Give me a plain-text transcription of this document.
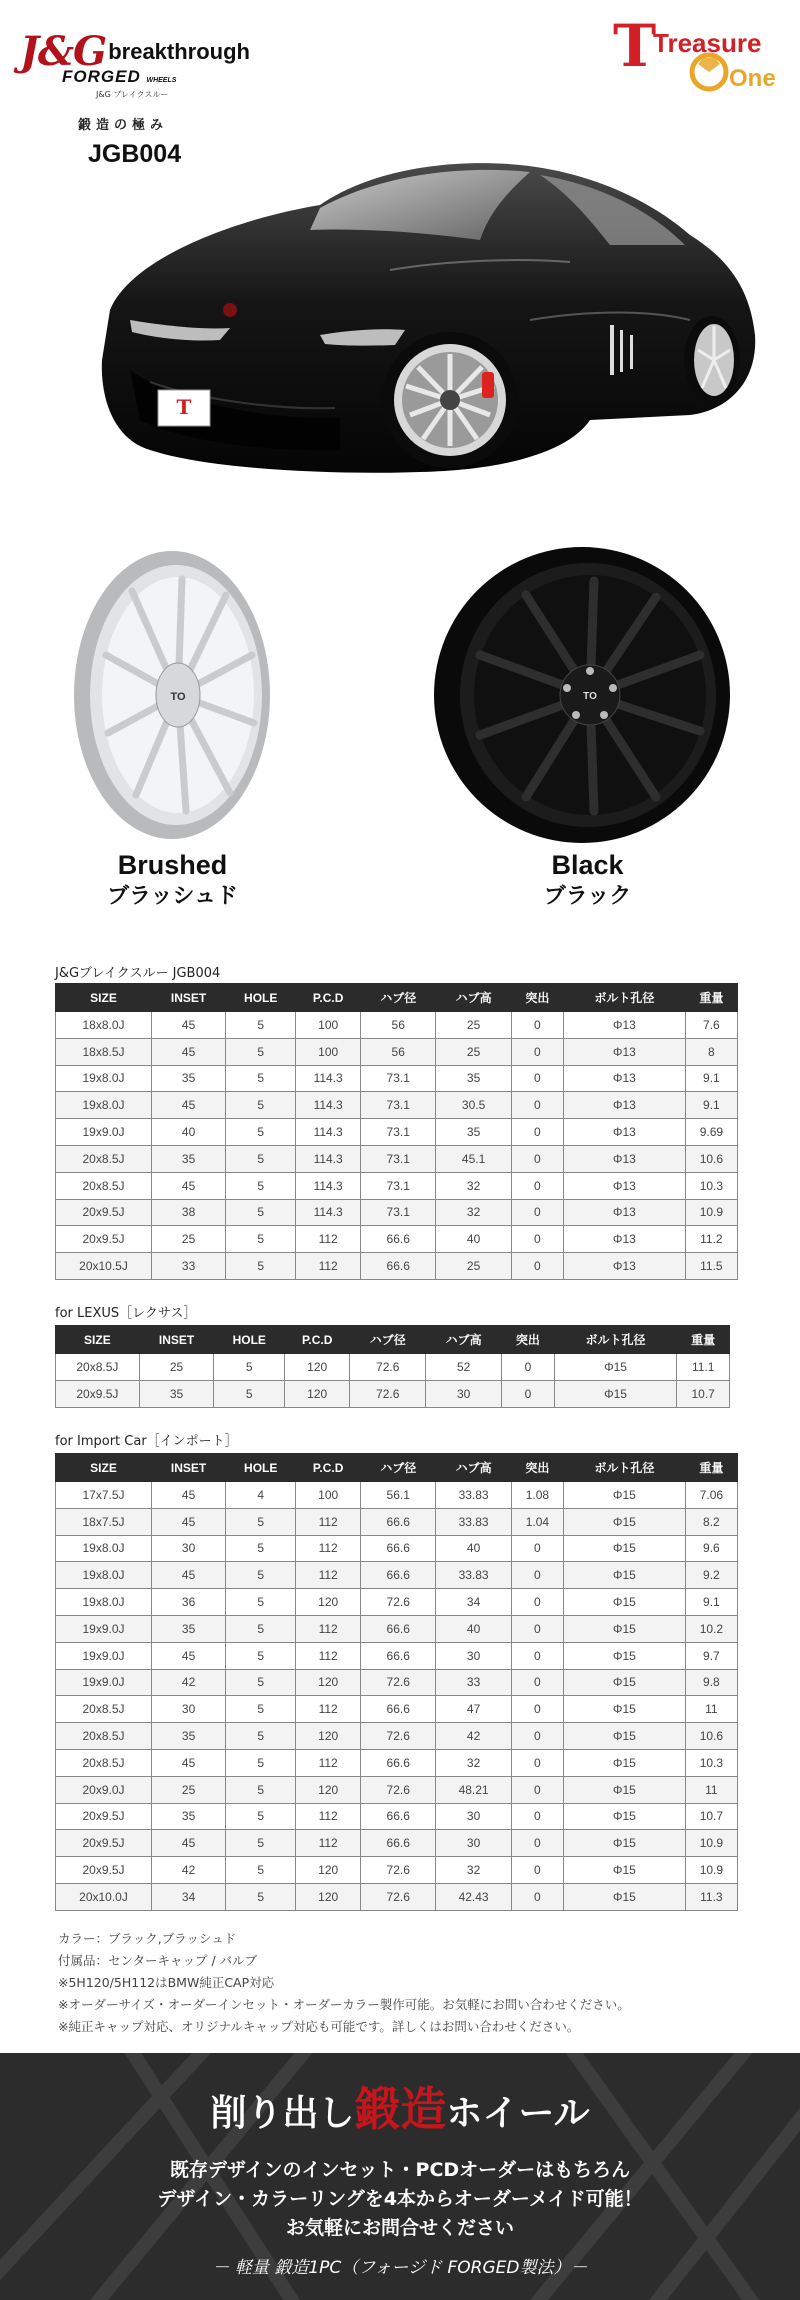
J&Gbreakthrough
FORGED WHEELS
J&G ブレイクスルー
鍛造の極み
JGB004
T
Treasure
One
T
TO
Brushed
ブラッシュド
TO
Black
ブラック
J&Gブレイクスルー JGB004
SIZE	INSET	HOLE	P.C.D	ハブ径	ハブ高	突出	ボルト孔径	重量
18x8.0J	45	5	100	56	25	0	Φ13	7.6
18x8.5J	45	5	100	56	25	0	Φ13	8
19x8.0J	35	5	114.3	73.1	35	0	Φ13	9.1
19x8.0J	45	5	114.3	73.1	30.5	0	Φ13	9.1
19x9.0J	40	5	114.3	73.1	35	0	Φ13	9.69
20x8.5J	35	5	114.3	73.1	45.1	0	Φ13	10.6
20x8.5J	45	5	114.3	73.1	32	0	Φ13	10.3
20x9.5J	38	5	114.3	73.1	32	0	Φ13	10.9
20x9.5J	25	5	112	66.6	40	0	Φ13	11.2
20x10.5J	33	5	112	66.6	25	0	Φ13	11.5
for LEXUS［レクサス］
SIZE	INSET	HOLE	P.C.D	ハブ径	ハブ高	突出	ボルト孔径	重量
20x8.5J	25	5	120	72.6	52	0	Φ15	11.1
20x9.5J	35	5	120	72.6	30	0	Φ15	10.7
for Import Car［インポート］
SIZE	INSET	HOLE	P.C.D	ハブ径	ハブ高	突出	ボルト孔径	重量
17x7.5J	45	4	100	56.1	33.83	1.08	Φ15	7.06
18x7.5J	45	5	112	66.6	33.83	1.04	Φ15	8.2
19x8.0J	30	5	112	66.6	40	0	Φ15	9.6
19x8.0J	45	5	112	66.6	33.83	0	Φ15	9.2
19x8.0J	36	5	120	72.6	34	0	Φ15	9.1
19x9.0J	35	5	112	66.6	40	0	Φ15	10.2
19x9.0J	45	5	112	66.6	30	0	Φ15	9.7
19x9.0J	42	5	120	72.6	33	0	Φ15	9.8
20x8.5J	30	5	112	66.6	47	0	Φ15	11
20x8.5J	35	5	120	72.6	42	0	Φ15	10.6
20x8.5J	45	5	112	66.6	32	0	Φ15	10.3
20x9.0J	25	5	120	72.6	48.21	0	Φ15	11
20x9.5J	35	5	112	66.6	30	0	Φ15	10.7
20x9.5J	45	5	112	66.6	30	0	Φ15	10.9
20x9.5J	42	5	120	72.6	32	0	Φ15	10.9
20x10.0J	34	5	120	72.6	42.43	0	Φ15	11.3
カラー：ブラック,ブラッシュド
付属品：センターキャップ / バルブ
※5H120/5H112はBMW純正CAP対応
※オーダーサイズ・オーダーインセット・オーダーカラー製作可能。お気軽にお問い合わせください。
※純正キャップ対応、オリジナルキャップ対応も可能です。詳しくはお問い合わせください。
削り出し鍛造ホイール
既存デザインのインセット・PCDオーダーはもちろん
デザイン・カラーリングを4本からオーダーメイド可能！
お気軽にお問合せください
－ 軽量 鍛造1PC（フォージド FORGED製法）－
